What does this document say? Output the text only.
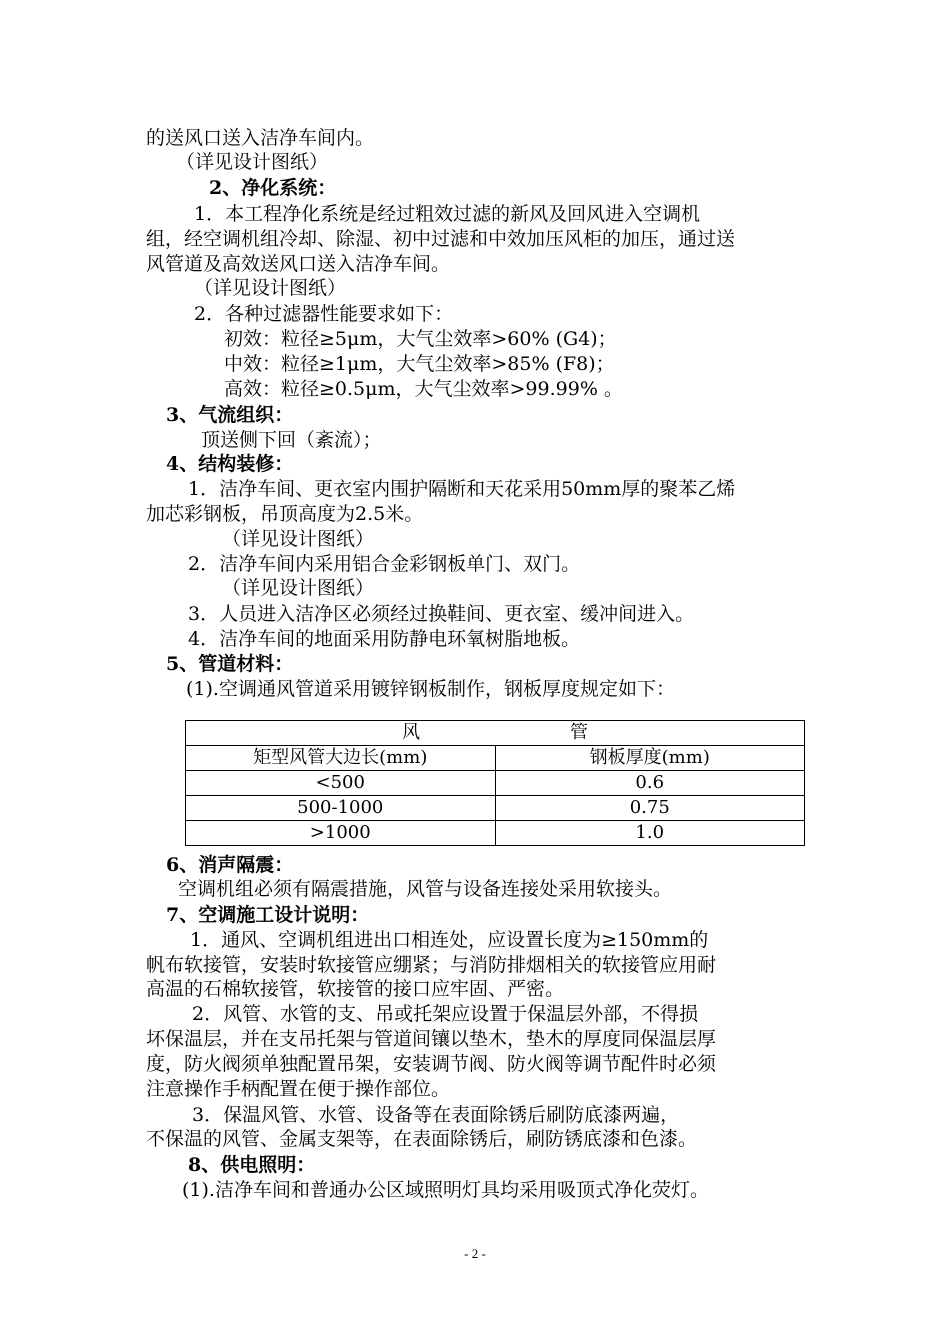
的送风口送入洁净车间内。
（详见设计图纸）
2、净化系统：
1．本工程净化系统是经过粗效过滤的新风及回风进入空调机
组，经空调机组冷却、除湿、初中过滤和中效加压风柜的加压，通过送
风管道及高效送风口送入洁净车间。
（详见设计图纸）
2．各种过滤器性能要求如下：
初效：粒径≥5μm，大气尘效率>60% (G4)；
中效：粒径≥1μm，大气尘效率>85% (F8)；
高效：粒径≥0.5μm，大气尘效率>99.99% 。
3、气流组织：
顶送侧下回（紊流）；
4、结构装修：
1．洁净车间、更衣室内围护隔断和天花采用50mm厚的聚苯乙烯
加芯彩钢板，吊顶高度为2.5米。
（详见设计图纸）
2．洁净车间内采用铝合金彩钢板单门、双门。
（详见设计图纸）
3．人员进入洁净区必须经过换鞋间、更衣室、缓冲间进入。
4．洁净车间的地面采用防静电环氧树脂地板。
5、管道材料：
(1).空调通风管道采用镀锌钢板制作，钢板厚度规定如下：
风 管	
矩型风管大边长(mm)	钢板厚度(mm)
<500	0.6
500-1000	0.75
>1000	1.0
6、消声隔震：
空调机组必须有隔震措施，风管与设备连接处采用软接头。
7、空调施工设计说明：
1．通风、空调机组进出口相连处，应设置长度为≥150mm的
帆布软接管，安装时软接管应绷紧；与消防排烟相关的软接管应用耐
高温的石棉软接管，软接管的接口应牢固、严密。
2．风管、水管的支、吊或托架应设置于保温层外部，不得损
坏保温层，并在支吊托架与管道间镶以垫木，垫木的厚度同保温层厚
度，防火阀须单独配置吊架，安装调节阀、防火阀等调节配件时必须
注意操作手柄配置在便于操作部位。
3．保温风管、水管、设备等在表面除锈后刷防底漆两遍，
不保温的风管、金属支架等，在表面除锈后，刷防锈底漆和色漆。
8、供电照明：
(1).洁净车间和普通办公区域照明灯具均采用吸顶式净化荧灯。
- 2 -
